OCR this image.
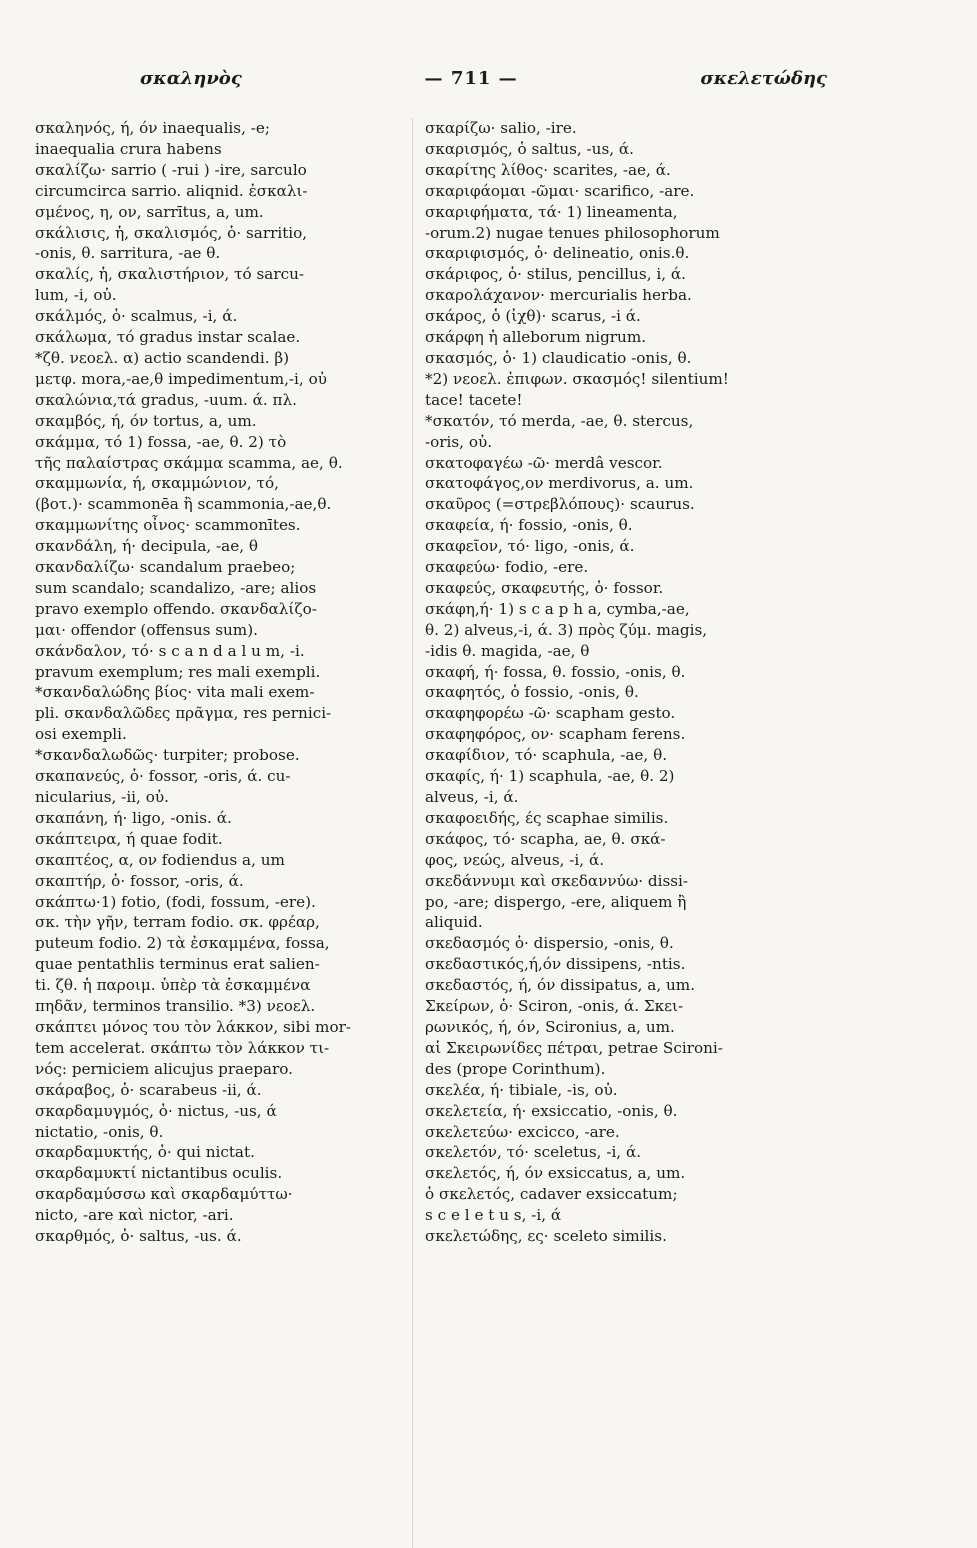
σκαληνὸς	— 711 —	σκελετώδης
σκαληνός, ή, όν inaequalis, -e;
inaequalia crura habens
σκαλίζω· sarrio ( -rui ) -ire, sarculo
circumcirca sarrio. aliqnid. ἐσκαλι-
σμένος, η, ον, sarrītus, a, um.
σκάλισις, ἡ, σκαλισμός, ὁ· sarritio,
-onis, θ. sarritura, -ae θ.
σκαλίς, ἡ, σκαλιστήριον, τό sarcu-
lum, -i, οὐ.
σκάλμός, ὁ· scalmus, -i, ά.
σκάλωμα, τό gradus instar scalae.
*ζθ. νεοελ. α) actio scandendi. β)
μετφ. mora,-ae,θ impedimentum,-i, οὐ
σκαλώνια,τά gradus, -uum. ά. πλ.
σκαμβός, ή, όν tortus, a, um.
σκάμμα, τό 1) fossa, -ae, θ. 2) τὸ
τῆς παλαίστρας σκάμμα scamma, ae, θ.
σκαμμωνία, ή, σκαμμώνιον, τό,
(βοτ.)· scammonēa ἢ scammonia,-ae,θ.
σκαμμωνίτης οἶνος· scammonītes.
σκανδάλη, ή· decipula, -ae, θ
σκανδαλίζω· scandalum praebeo;
sum scandalo; scandalizo, -are; alios
pravo exemplo offendo. σκανδαλίζο-
μαι· offendor (offensus sum).
σκάνδαλον, τό· s c a n d a l u m, -i.
pravum exemplum; res mali exempli.
*σκανδαλώδης βίος· vita mali exem-
pli. σκανδαλῶδες πρᾶγμα, res pernici-
osi exempli.
*σκανδαλωδῶς· turpiter; probose.
σκαπανεύς, ὁ· fossor, -oris, ά. cu-
nicularius, -ii, οὐ.
σκαπάνη, ή· ligo, -onis. ά.
σκάπτειρα, ή quae fodit.
σκαπτέος, α, ον fodiendus a, um
σκαπτήρ, ὁ· fossor, -oris, ά.
σκάπτω·1) fotio, (fodi, fossum, -ere).
σκ. τὴν γῆν, terram fodio. σκ. φρέαρ,
puteum fodio. 2) τὰ ἐσκαμμένα, fossa,
quae pentathlis terminus erat salien-
ti. ζθ. ἡ παροιμ. ὑπὲρ τὰ ἐσκαμμένα
πηδᾶν, terminos transilio. *3) νεοελ.
σκάπτει μόνος του τὸν λάκκον, sibi mor-
tem accelerat. σκάπτω τὸν λάκκον τι-
νός: perniciem alicujus praeparo.
σκάραβος, ὁ· scarabeus -ii, ά.
σκαρδαμυγμός, ὁ· nictus, -us, ά
nictatio, -onis, θ.
σκαρδαμυκτής, ὁ· qui nictat.
σκαρδαμυκτί nictantibus oculis.
σκαρδαμύσσω καὶ σκαρδαμύττω·
nicto, -are καὶ nictor, -ari.
σκαρθμός, ὁ· saltus, -us. ά.
σκαρίζω· salio, -ire.
σκαρισμός, ὁ saltus, -us, ά.
σκαρίτης λίθος· scarites, -ae, ά.
σκαριφάομαι -ῶμαι· scarifico, -are.
σκαριφήματα, τά· 1) lineamenta,
-orum.2) nugae tenues philosophorum
σκαριφισμός, ὁ· delineatio, onis.θ.
σκάριφος, ὁ· stilus, pencillus, i, ά.
σκαρολάχανον· mercurialis herba.
σκάρος, ὁ (ἰχθ)· scarus, -i ά.
σκάρφη ἡ alleborum nigrum.
σκασμός, ὁ· 1) claudicatio -onis, θ.
*2) νεοελ. ἐπιφων. σκασμός! silentium!
tace! tacete!
*σκατόν, τό merda, -ae, θ. stercus,
-oris, οὐ.
σκατοφαγέω -ῶ· merdâ vescor.
σκατοφάγος,ον merdivorus, a. um.
σκαῦρος (=στρεβλόπους)· scaurus.
σκαφεία, ή· fossio, -onis, θ.
σκαφεῖον, τό· ligo, -onis, ά.
σκαφεύω· fodio, -ere.
σκαφεύς, σκαφευτής, ὁ· fossor.
σκάφη,ή· 1) s c a p h a, cymba,-ae,
θ. 2) alveus,-i, ά. 3) πρὸς ζύμ. magis,
-idis θ. magida, -ae, θ
σκαφή, ή· fossa, θ. fossio, -onis, θ.
σκαφητός, ὁ fossio, -onis, θ.
σκαφηφορέω -ῶ· scapham gesto.
σκαφηφόρος, ον· scapham ferens.
σκαφίδιον, τό· scaphula, -ae, θ.
σκαφίς, ή· 1) scaphula, -ae, θ. 2)
alveus, -i, ά.
σκαφοειδής, ές scaphae similis.
σκάφος, τό· scapha, ae, θ. σκά-
φος, νεώς, alveus, -i, ά.
σκεδάννυμι καὶ σκεδαννύω· dissi-
po, -are; dispergo, -ere, aliquem ἢ
aliquid.
σκεδασμός ὁ· dispersio, -onis, θ.
σκεδαστικός,ή,όν dissipens, -ntis.
σκεδαστός, ή, όν dissipatus, a, um.
Σκείρων, ὁ· Sciron, -onis, ά. Σκει-
ρωνικός, ή, όν, Scironius, a, um.
αἱ Σκειρωνίδες πέτραι, petrae Scironi-
des (prope Corinthum).
σκελέα, ή· tibiale, -is, οὐ.
σκελετεία, ή· exsiccatio, -onis, θ.
σκελετεύω· excicco, -are.
σκελετόν, τό· sceletus, -i, ά.
σκελετός, ή, όν exsiccatus, a, um.
ὁ σκελετός, cadaver exsiccatum;
s c e l e t u s, -i, ά
σκελετώδης, ες· sceleto similis.
